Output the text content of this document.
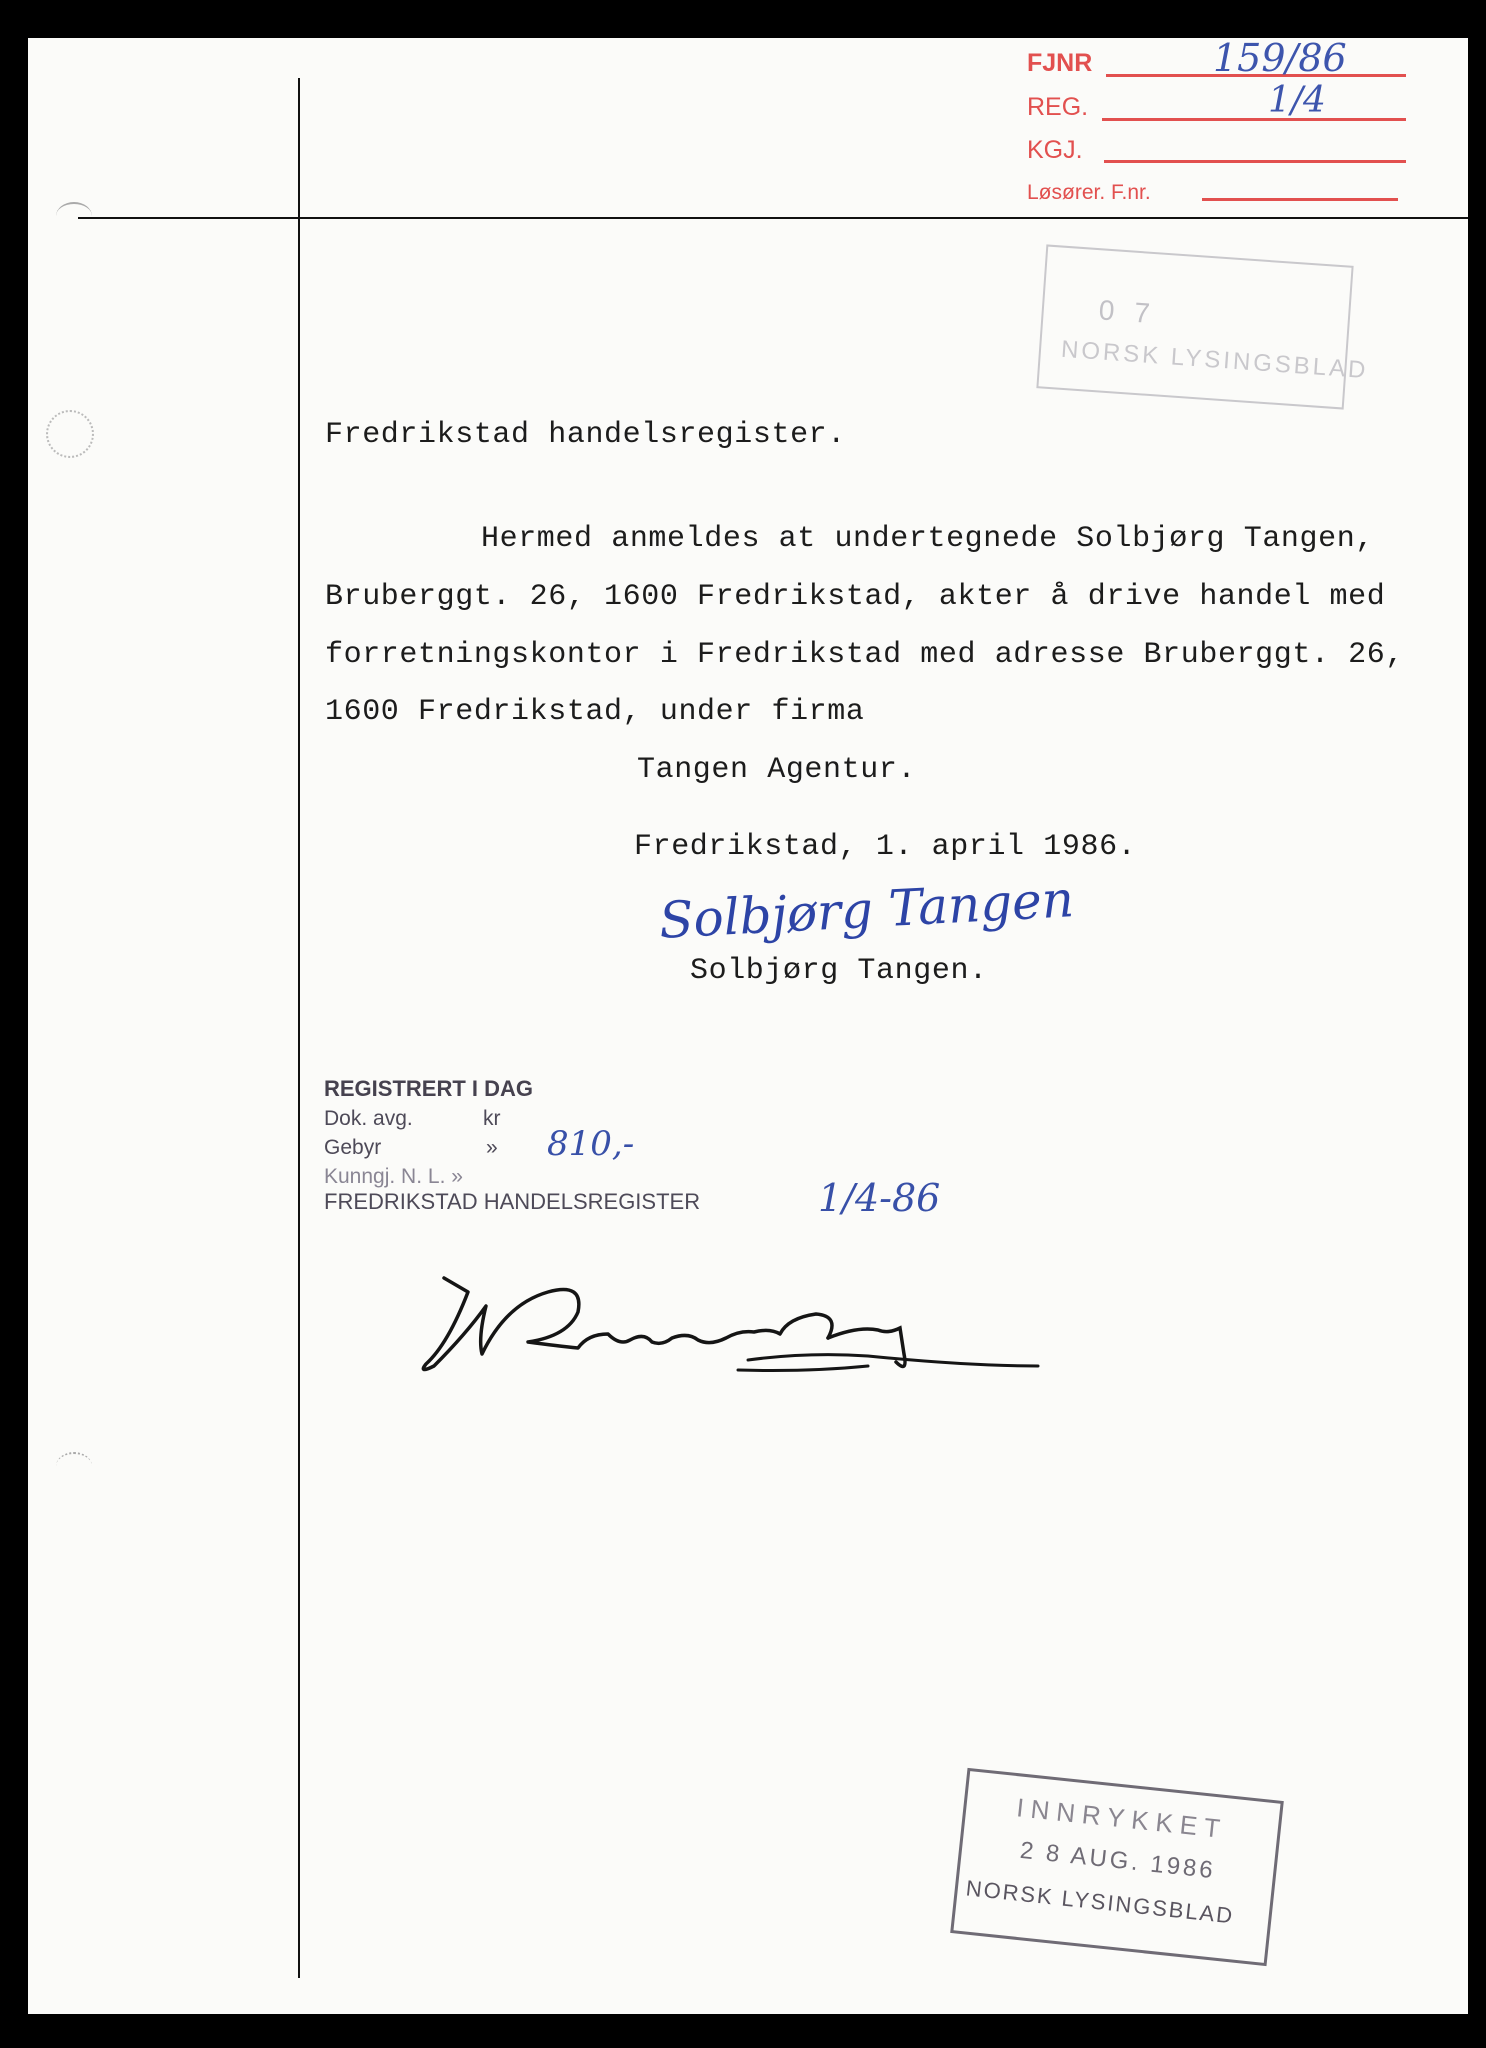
FJNR	159/86
REG.	1/4
KGJ.
Løsører. F.nr.
0 7
NORSK LYSINGSBLAD
Fredrikstad handelsregister.
Hermed anmeldes at undertegnede Solbjørg Tangen,
Bruberggt. 26, 1600 Fredrikstad, akter å drive handel med
forretningskontor i Fredrikstad med adresse Bruberggt. 26,
1600 Fredrikstad, under firma
Tangen Agentur.
Fredrikstad, 1. april 1986.
Solbjørg Tangen
Solbjørg Tangen.
REGISTRERT I DAG
Dok. avg.	kr
Gebyr	» 810,-
Kunngj. N. L. »
FREDRIKSTAD HANDELSREGISTER	1/4-86
INNRYKKET
2 8 AUG. 1986
NORSK LYSINGSBLAD
